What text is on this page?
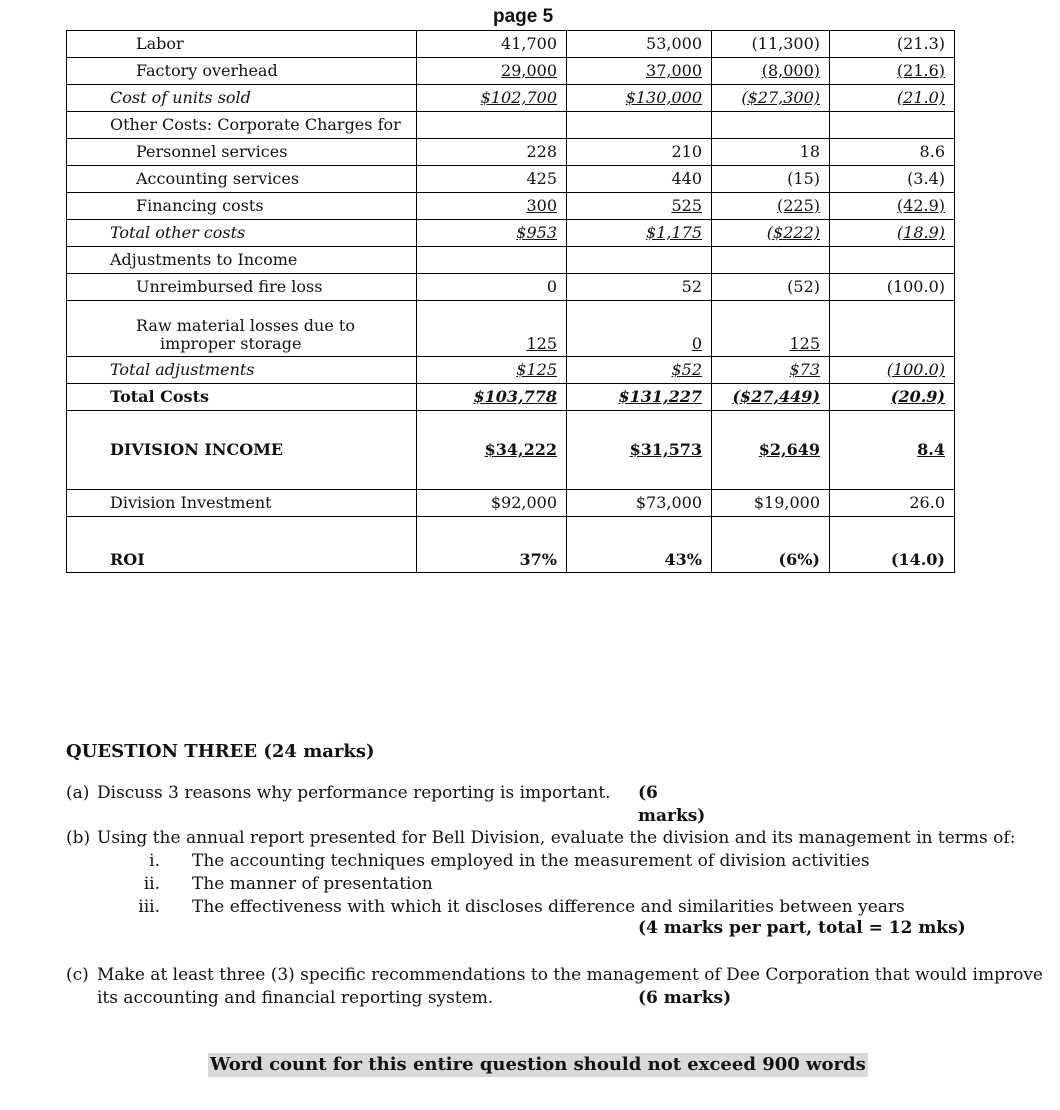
page 5
Labor	41,700	53,000	(11,300)	(21.3)
Factory overhead	29,000	37,000	(8,000)	(21.6)
Cost of units sold	$102,700	$130,000	($27,300)	(21.0)
Other Costs: Corporate Charges for				
Personnel services	228	210	18	8.6
Accounting services	425	440	(15)	(3.4)
Financing costs	300	525	(225)	(42.9)
Total other costs	$953	$1,175	($222)	(18.9)
Adjustments to Income				
Unreimbursed fire loss	0	52	(52)	(100.0)

Raw material losses due to
improper storage	125	0	125	
Total adjustments	$125	$52	$73	(100.0)
Total Costs	$103,778	$131,227	($27,449)	(20.9)
DIVISION INCOME	$34,222	$31,573	$2,649	8.4
Division Investment	$92,000	$73,000	$19,000	26.0
ROI	37%	43%	(6%)	(14.0)
QUESTION THREE (24 marks)
(a) Discuss 3 reasons why performance reporting is important. (6 marks)
(b) Using the annual report presented for Bell Division, evaluate the division and its management in terms of:
i. The accounting techniques employed in the measurement of division activities
ii. The manner of presentation
iii. The effectiveness with which it discloses difference and similarities between years
(4 marks per part, total = 12 mks)
(c) Make at least three (3) specific recommendations to the management of Dee Corporation that would improve
its accounting and financial reporting system.	(6 marks)
Word count for this entire question should not exceed 900 words
